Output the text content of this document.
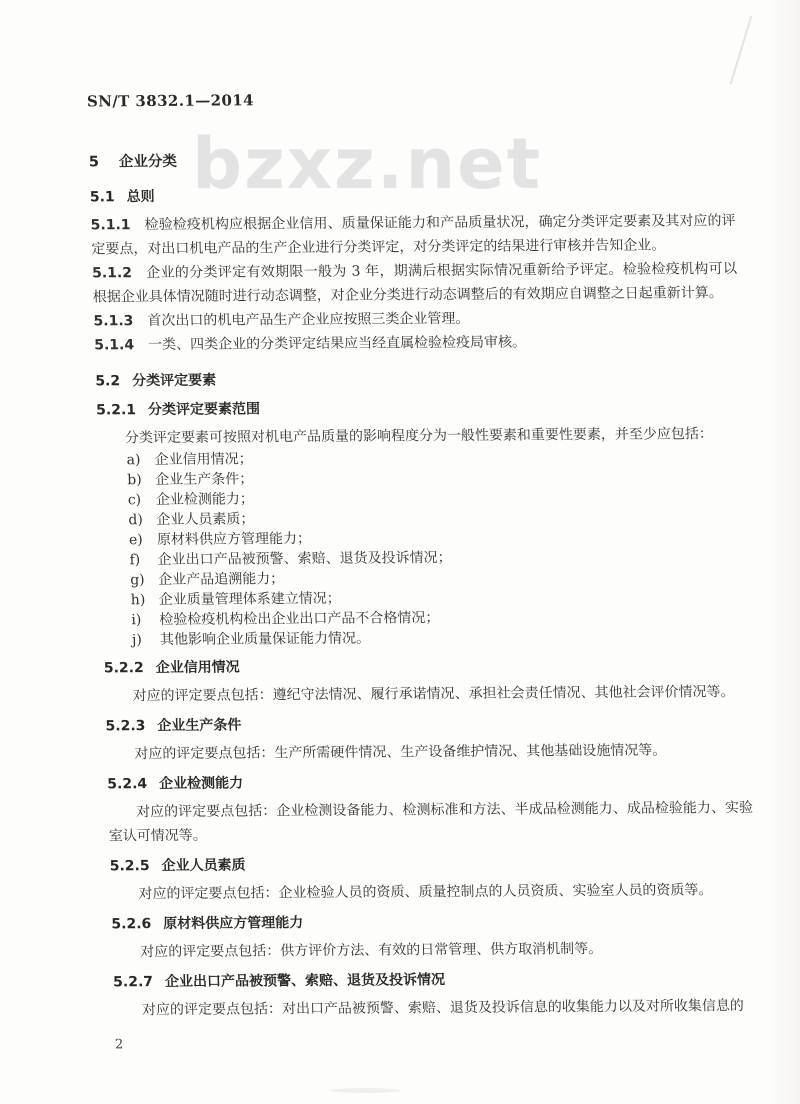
bzxz.net
SN/T 3832.1—2014
5 企业分类
5.1 总则

5.1.1 检验检疫机构应根据企业信用、质量保证能力和产品质量状况，确定分类评定要素及其对应的评定要点，对出口机电产品的生产企业进行分类评定，对分类评定的结果进行审核并告知企业。

5.1.2 企业的分类评定有效期限一般为 3 年，期满后根据实际情况重新给予评定。检验检疫机构可以根据企业具体情况随时进行动态调整，对企业分类进行动态调整后的有效期应自调整之日起重新计算。

5.1.3 首次出口的机电产品生产企业应按照三类企业管理。

5.1.4 一类、四类企业的分类评定结果应当经直属检验检疫局审核。

5.2 分类评定要素
5.2.1 分类评定要素范围

分类评定要素可按照对机电产品质量的影响程度分为一般性要素和重要性要素，并至少应包括：

a) 企业信用情况；
b) 企业生产条件；
c) 企业检测能力；
d) 企业人员素质；
e) 原材料供应方管理能力；
f) 企业出口产品被预警、索赔、退货及投诉情况；
g) 企业产品追溯能力；
h) 企业质量管理体系建立情况；
i) 检验检疫机构检出企业出口产品不合格情况；
j) 其他影响企业质量保证能力情况。
5.2.2 企业信用情况

对应的评定要点包括：遵纪守法情况、履行承诺情况、承担社会责任情况、其他社会评价情况等。

5.2.3 企业生产条件

对应的评定要点包括：生产所需硬件情况、生产设备维护情况、其他基础设施情况等。

5.2.4 企业检测能力

对应的评定要点包括：企业检测设备能力、检测标准和方法、半成品检测能力、成品检验能力、实验室认可情况等。

5.2.5 企业人员素质

对应的评定要点包括：企业检验人员的资质、质量控制点的人员资质、实验室人员的资质等。

5.2.6 原材料供应方管理能力

对应的评定要点包括：供方评价方法、有效的日常管理、供方取消机制等。

5.2.7 企业出口产品被预警、索赔、退货及投诉情况

对应的评定要点包括：对出口产品被预警、索赔、退货及投诉信息的收集能力以及对所收集信息的

2
